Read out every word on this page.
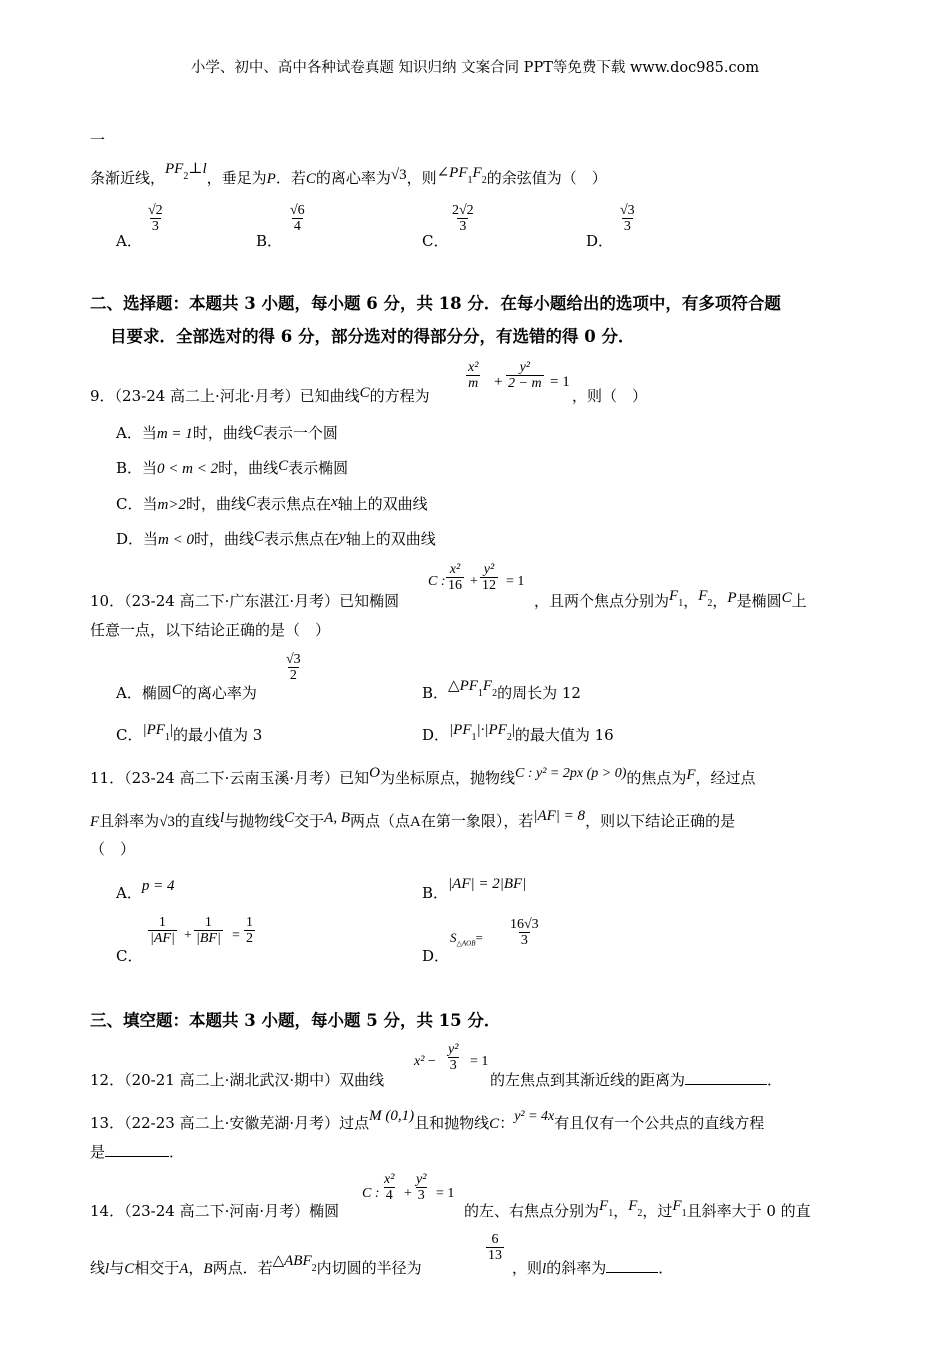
小学、初中、高中各种试卷真题 知识归纳 文案合同 PPT等免费下载 www.doc985.com
一
条渐近线，$PF_2\perp l$，垂足为P．若C的离心率为√3，则$\angle PF_1F_2$的余弦值为（　）
A．
$\frac{√2}{3}$
B．
$\frac{√6}{4}$
C．
$\frac{2√2}{3}$
D．
$\frac{√3}{3}$
二、选择题：本题共 3 小题，每小题 6 分，共 18 分．在每小题给出的选项中，有多项符合题
目要求．全部选对的得 6 分，部分选对的得部分分，有选错的得 0 分．
9．（23-24 高二上·河北·月考）已知曲线C的方程为
$\frac{\text{x²}}{m} + \frac{\text{y²}}{2 - m} = 1$
，则（　）
A．当m = 1时，曲线C表示一个圆
B．当0 < m < 2时，曲线C表示椭圆
C．当m>2时，曲线C表示焦点在x轴上的双曲线
D．当m < 0时，曲线C表示焦点在y轴上的双曲线
10．（23-24 高二下·广东湛江·月考）已知椭圆
C : $\frac{\text{x²}}{16} + \frac{\text{y²}}{12} = 1$
，且两个焦点分别为$F_1$，$F_2$，P是椭圆C上
任意一点，以下结论正确的是（　）
A．椭圆C的离心率为
$\frac{√3}{2}$
B．$\triangle PF_1F_2$的周长为 12
C．$|PF_1|$的最小值为 3	D．$|PF_1|\cdot|PF_2|$的最大值为 16
11．（23-24 高二下·云南玉溪·月考）已知O为坐标原点，抛物线C : y² = 2px (p > 0)的焦点为F，经过点
F且斜率为√3的直线l与抛物线C交于A, B两点（点A在第一象限），若|AF| = 8，则以下结论正确的是
（　）
A．p = 4	B．|AF| = 2|BF|
C．
$\frac{1}{|AF|} + \frac{1}{|BF|} = \frac{1}{2}$
D．
$S_{\triangle AOB}= \frac{16√3}{3}$
三、填空题：本题共 3 小题，每小题 5 分，共 15 分．
12．（20-21 高二上·湖北武汉·期中）双曲线
$x^2 - \frac{\text{y²}}{3} = 1$
的左焦点到其渐近线的距离为	．
13．（22-23 高二上·安徽芜湖·月考）过点M (0,1)且和抛物线C：y² = 4x有且仅有一个公共点的直线方程
是	．
14．（23-24 高二下·河南·月考）椭圆
C : $\frac{\text{x²}}{4} + \frac{\text{y²}}{3} = 1$
的左、右焦点分别为$F_1$，$F_2$，过$F_1$且斜率大于 0 的直
线l与C相交于A，B两点．若$\triangle ABF_2$内切圆的半径为
$\frac{6}{13}$
，则l的斜率为	．
